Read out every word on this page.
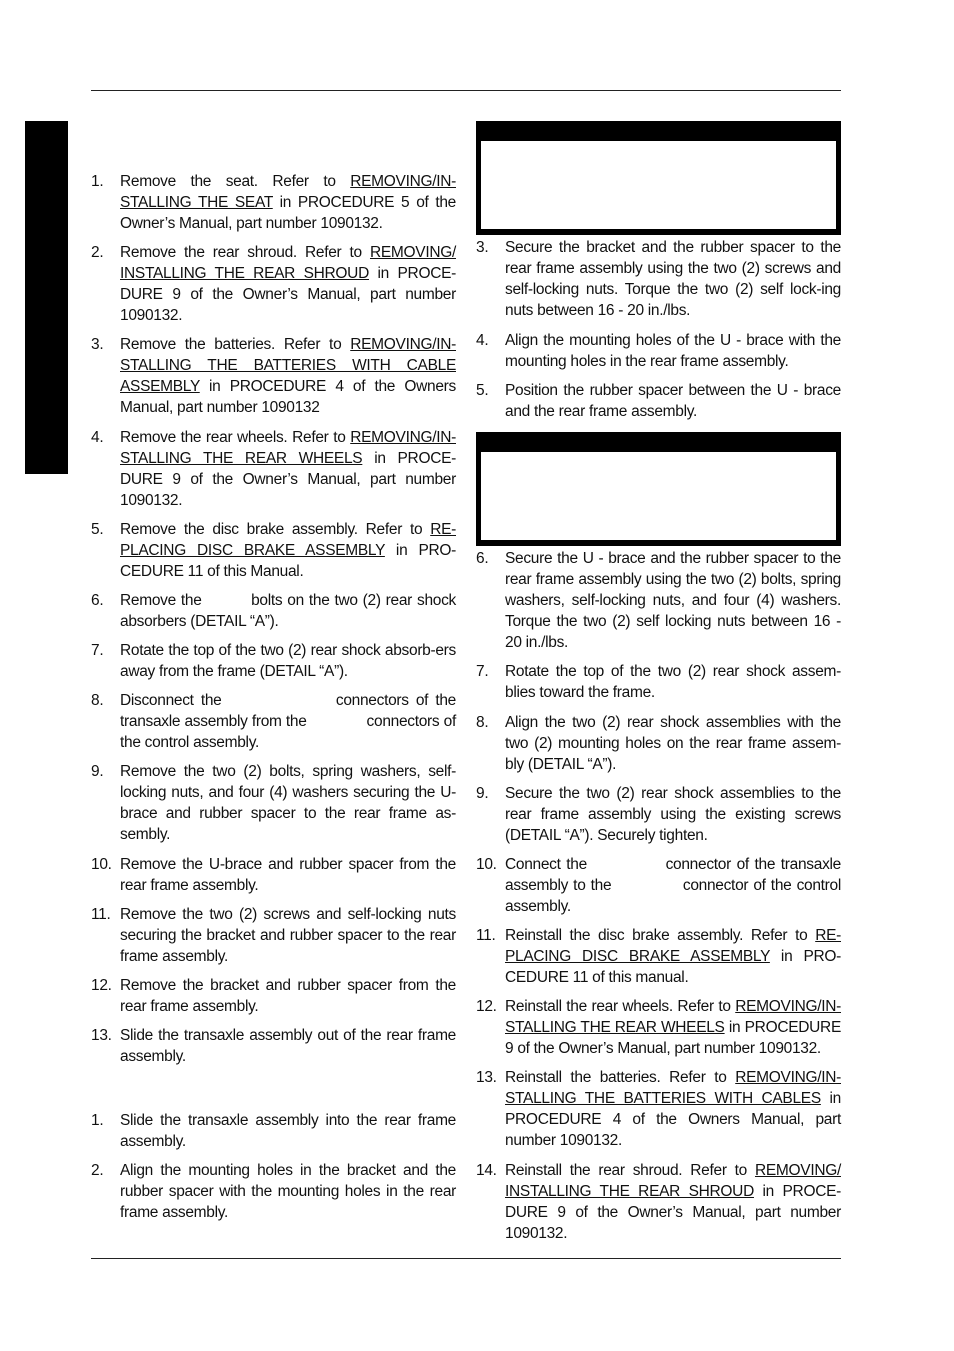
1.	Remove the seat. Refer to REMOVING/IN-STALLING THE SEAT in PROCEDURE 5 of the Owner’s Manual, part number 1090132.
2.	Remove the rear shroud. Refer to REMOVING/ INSTALLING THE REAR SHROUD in PROCE-DURE 9 of the Owner’s Manual, part number 1090132.
3.	Remove the batteries. Refer to REMOVING/IN-STALLING THE BATTERIES WITH CABLE ASSEMBLY in PROCEDURE 4 of the Owners Manual, part number 1090132
4.	Remove the rear wheels. Refer to REMOVING/IN-STALLING THE REAR WHEELS in PROCE-DURE 9 of the Owner’s Manual, part number 1090132.
5.	Remove the disc brake assembly. Refer to RE-PLACING DISC BRAKE ASSEMBLY in PRO-CEDURE 11 of this Manual.
6.	Remove the          bolts on the two (2) rear shock absorbers (DETAIL “A”).
7.	Rotate the top of the two (2) rear shock absorb-ers away from the frame (DETAIL “A”).
8.	Disconnect the                connectors of the transaxle assembly from the              connectors of the control assembly.
9.	Remove the two (2) bolts, spring washers, self-locking nuts, and four (4) washers securing the U-brace and rubber spacer to the rear frame as-sembly.
10. Remove the U-brace and rubber spacer from the rear frame assembly.
11. Remove the two (2) screws and self-locking nuts securing the bracket and rubber spacer to the rear frame assembly.
12. Remove the bracket and rubber spacer from the rear frame assembly.
13. Slide the transaxle assembly out of the rear frame assembly.
1.	Slide the transaxle assembly into the rear frame assembly.
2.	Align the mounting holes in the bracket and the rubber spacer with the mounting holes in the rear frame assembly.
3.	Secure the bracket and the rubber spacer to the rear frame assembly using the two (2) screws and self-locking nuts. Torque the two (2) self lock-ing nuts between 16 - 20 in./lbs.
4.	Align the mounting holes of the U - brace with the mounting holes in the rear frame assembly.
5.	Position the rubber spacer between the U - brace and the rear frame assembly.
6.	Secure the U - brace and the rubber spacer to the rear frame assembly using the two (2) bolts, spring washers, self-locking nuts, and four (4) washers. Torque the two (2) self locking nuts between 16 - 20 in./lbs.
7.	Rotate the top of the two (2) rear shock assem-blies toward the frame.
8.	Align the two (2) rear shock assemblies with the two (2) mounting holes on the rear frame assem-bly (DETAIL “A”).
9.	Secure the two (2) rear shock assemblies to the rear frame assembly using the existing screws (DETAIL “A”). Securely tighten.
10. Connect the              connector of the transaxle assembly to the              connector of the control assembly.
11. Reinstall the disc brake assembly. Refer to RE-PLACING DISC BRAKE ASSEMBLY in PRO-CEDURE 11 of this manual.
12. Reinstall the rear wheels. Refer to REMOVING/IN-STALLING THE REAR WHEELS in PROCEDURE 9 of the Owner’s Manual, part number 1090132.
13. Reinstall the batteries. Refer to REMOVING/IN-STALLING THE BATTERIES WITH CABLES in PROCEDURE 4 of the Owners Manual, part number 1090132.
14. Reinstall the rear shroud. Refer to REMOVING/ INSTALLING THE REAR SHROUD in PROCE-DURE 9 of the Owner’s Manual, part number 1090132.
